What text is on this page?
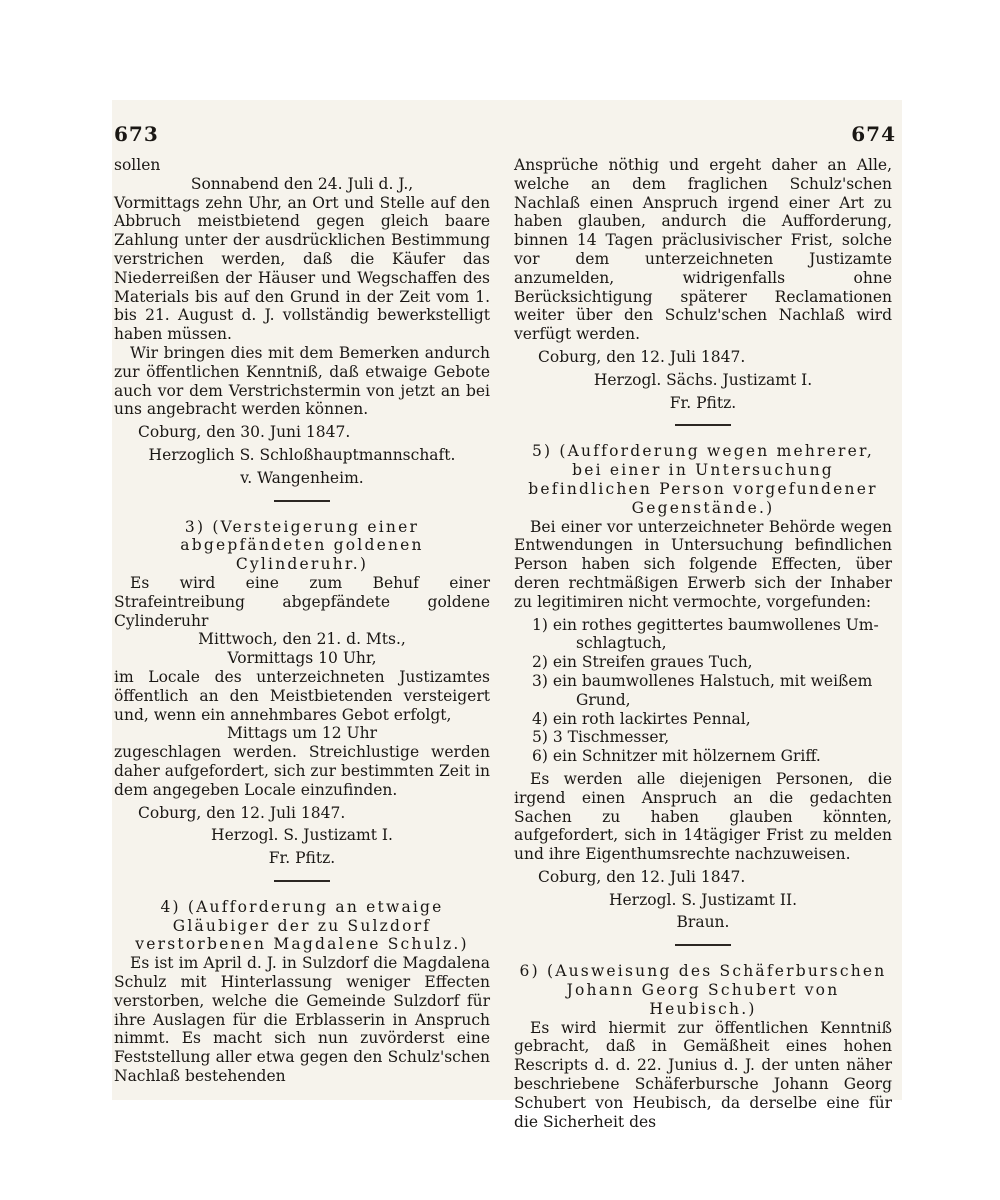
673	674

sollen

Sonnabend den 24. Juli d. J.,

Vormittags zehn Uhr, an Ort und Stelle auf den Abbruch meistbietend gegen gleich baare Zahlung unter der ausdrücklichen Bestimmung verstrichen werden, daß die Käufer das Niederreißen der Häuser und Wegschaffen des Materials bis auf den Grund in der Zeit vom 1. bis 21. August d. J. vollständig bewerkstelligt haben müssen.

Wir bringen dies mit dem Bemerken andurch zur öffentlichen Kenntniß, daß etwaige Gebote auch vor dem Verstrichstermin von jetzt an bei uns angebracht werden können.

Coburg, den 30. Juni 1847.

Herzoglich S. Schloßhauptmannschaft.

v. Wangenheim.

3) (Versteigerung einer abgepfändeten goldenen Cylinderuhr.)

Es wird eine zum Behuf einer Strafeintreibung abgepfändete goldene Cylinderuhr

Mittwoch, den 21. d. Mts.,

Vormittags 10 Uhr,

im Locale des unterzeichneten Justizamtes öffentlich an den Meistbietenden versteigert und, wenn ein annehmbares Gebot erfolgt,

Mittags um 12 Uhr

zugeschlagen werden. Streichlustige werden daher aufgefordert, sich zur bestimmten Zeit in dem angegeben Locale einzufinden.

Coburg, den 12. Juli 1847.

Herzogl. S. Justizamt I.

Fr. Pfitz.

4) (Aufforderung an etwaige Gläubiger der zu Sulzdorf verstorbenen Magdalene Schulz.)

Es ist im April d. J. in Sulzdorf die Magdalena Schulz mit Hinterlassung weniger Effecten verstorben, welche die Gemeinde Sulzdorf für ihre Auslagen für die Erblasserin in Anspruch nimmt. Es macht sich nun zuvörderst eine Feststellung aller etwa gegen den Schulz'schen Nachlaß bestehenden

Ansprüche nöthig und ergeht daher an Alle, welche an dem fraglichen Schulz'schen Nachlaß einen Anspruch irgend einer Art zu haben glauben, andurch die Aufforderung, binnen 14 Tagen präclusivischer Frist, solche vor dem unterzeichneten Justizamte anzumelden, widrigenfalls ohne Berücksichtigung späterer Reclamationen weiter über den Schulz'schen Nachlaß wird verfügt werden.

Coburg, den 12. Juli 1847.

Herzogl. Sächs. Justizamt I.

Fr. Pfitz.

5) (Aufforderung wegen mehrerer, bei einer in Untersuchung befindlichen Person vorgefundener Gegenstände.)

Bei einer vor unterzeichneter Behörde wegen Entwendungen in Untersuchung befindlichen Person haben sich folgende Effecten, über deren rechtmäßigen Erwerb sich der Inhaber zu legitimiren nicht vermochte, vorgefunden:

1) ein rothes gegittertes baumwollenes Um-
schlagtuch,
2) ein Streifen graues Tuch,
3) ein baumwollenes Halstuch, mit weißem
Grund,
4) ein roth lackirtes Pennal,
5) 3 Tischmesser,
6) ein Schnitzer mit hölzernem Griff.

Es werden alle diejenigen Personen, die irgend einen Anspruch an die gedachten Sachen zu haben glauben könnten, aufgefordert, sich in 14tägiger Frist zu melden und ihre Eigenthumsrechte nachzuweisen.

Coburg, den 12. Juli 1847.

Herzogl. S. Justizamt II.

Braun.

6) (Ausweisung des Schäferburschen Johann Georg Schubert von Heubisch.)

Es wird hiermit zur öffentlichen Kenntniß gebracht, daß in Gemäßheit eines hohen Rescripts d. d. 22. Junius d. J. der unten näher beschriebene Schäferbursche Johann Georg Schubert von Heubisch, da derselbe eine für die Sicherheit des
